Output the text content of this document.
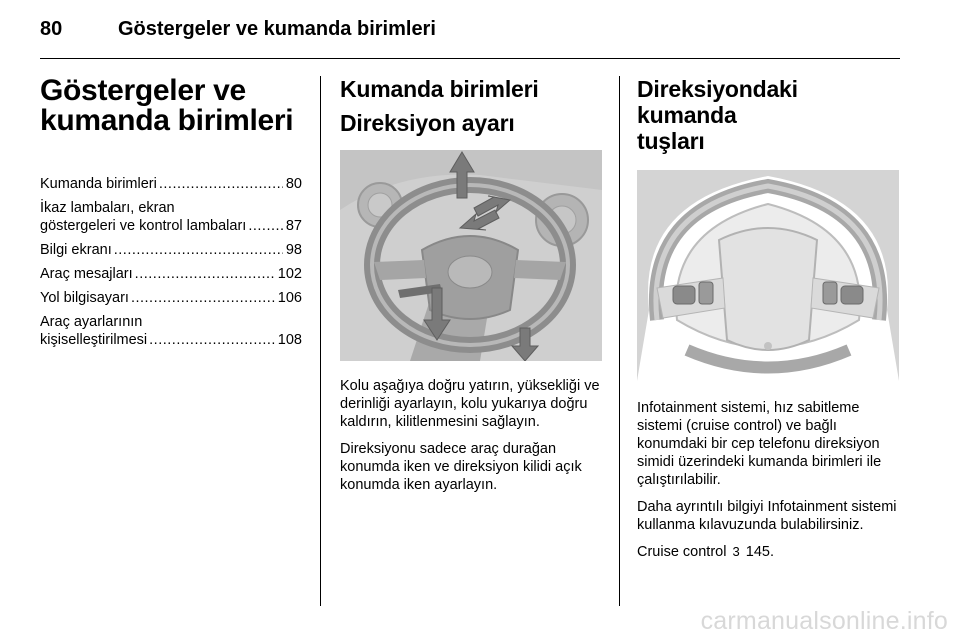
80	Göstergeler ve kumanda birimleri
Göstergeler ve
kumanda birimleri
Kumanda birimleri .....	80
İkaz lambaları, ekran
göstergeleri ve kontrol lambaları .....	87
Bilgi ekranı .....	98
Araç mesajları .....	102
Yol bilgisayarı .....	106
Araç ayarlarının
kişiselleştirilmesi .....	108
Kumanda birimleri
Direksiyon ayarı

Kolu aşağıya doğru yatırın, yüksekliği ve derinliği ayarlayın, kolu yukarıya doğru kaldırın, kilitlenmesini sağlayın.

Direksiyonu sadece araç durağan konumda iken ve direksiyon kilidi açık konumda iken ayarlayın.

Direksiyondaki kumanda
tuşları

Infotainment sistemi, hız sabitleme sistemi (cruise control) ve bağlı konumdaki bir cep telefonu direksiyon simidi üzerindeki kumanda birimleri ile çalıştırılabilir.

Daha ayrıntılı bilgiyi Infotainment sistemi kullanma kılavuzunda bulabilirsiniz.

Cruise control 3 145.

carmanualsonline.info
